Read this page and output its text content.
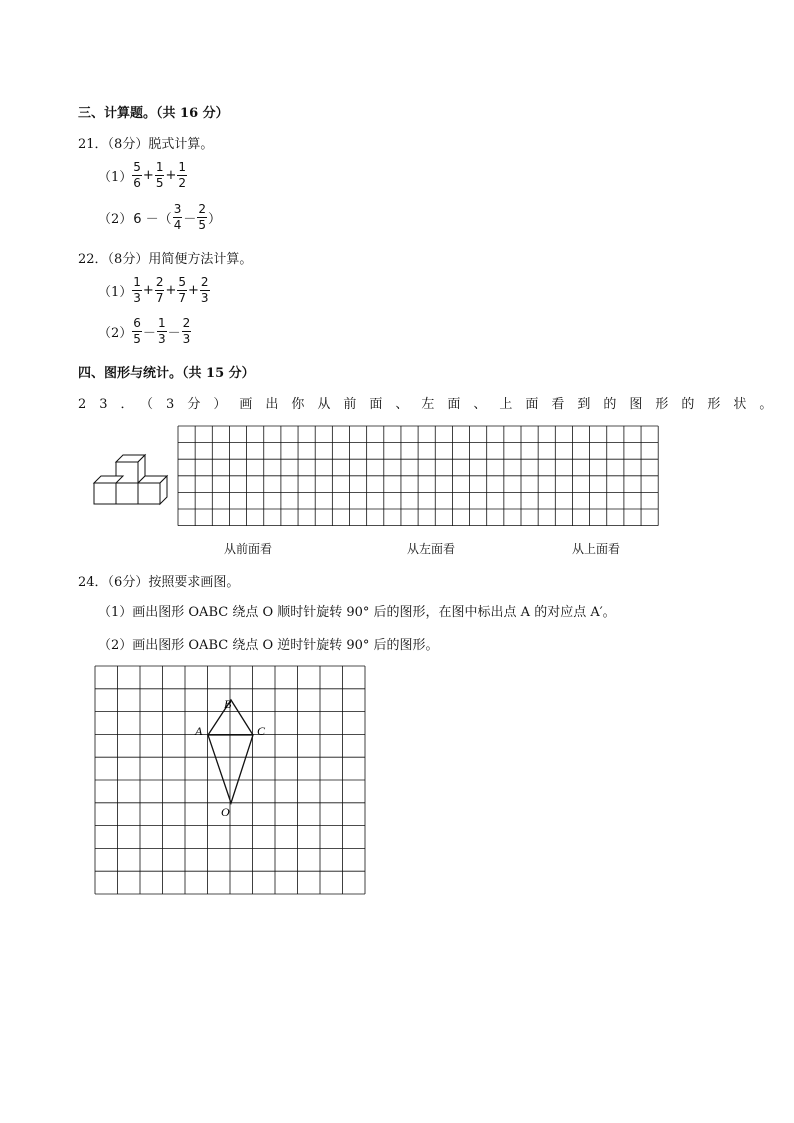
三、计算题。（共 16 分）
21．（8分）脱式计算。
$(1) \frac{5}{6} + \frac{1}{5} + \frac{1}{2}$
（2） 6 －（ $\frac{3}{4} - \frac{2}{5}$ ）
22．（8分）用简便方法计算。
$(1) \frac{1}{3} + \frac{2}{7} + \frac{5}{7} + \frac{2}{3}$
$(2) \frac{6}{5} - \frac{1}{3} - \frac{2}{3}$
四、图形与统计。（共 15 分）
23．（3分）画出你从前面、左面、上面看到的图形的形状。
从前面看	从左面看	从上面看
24．（6分）按照要求画图。
（1）画出图形 OABC 绕点 O 顺时针旋转 90° 后的图形，在图中标出点 A 的对应点 A′。
（2）画出图形 OABC 绕点 O 逆时针旋转 90° 后的图形。
B
A	C
O
